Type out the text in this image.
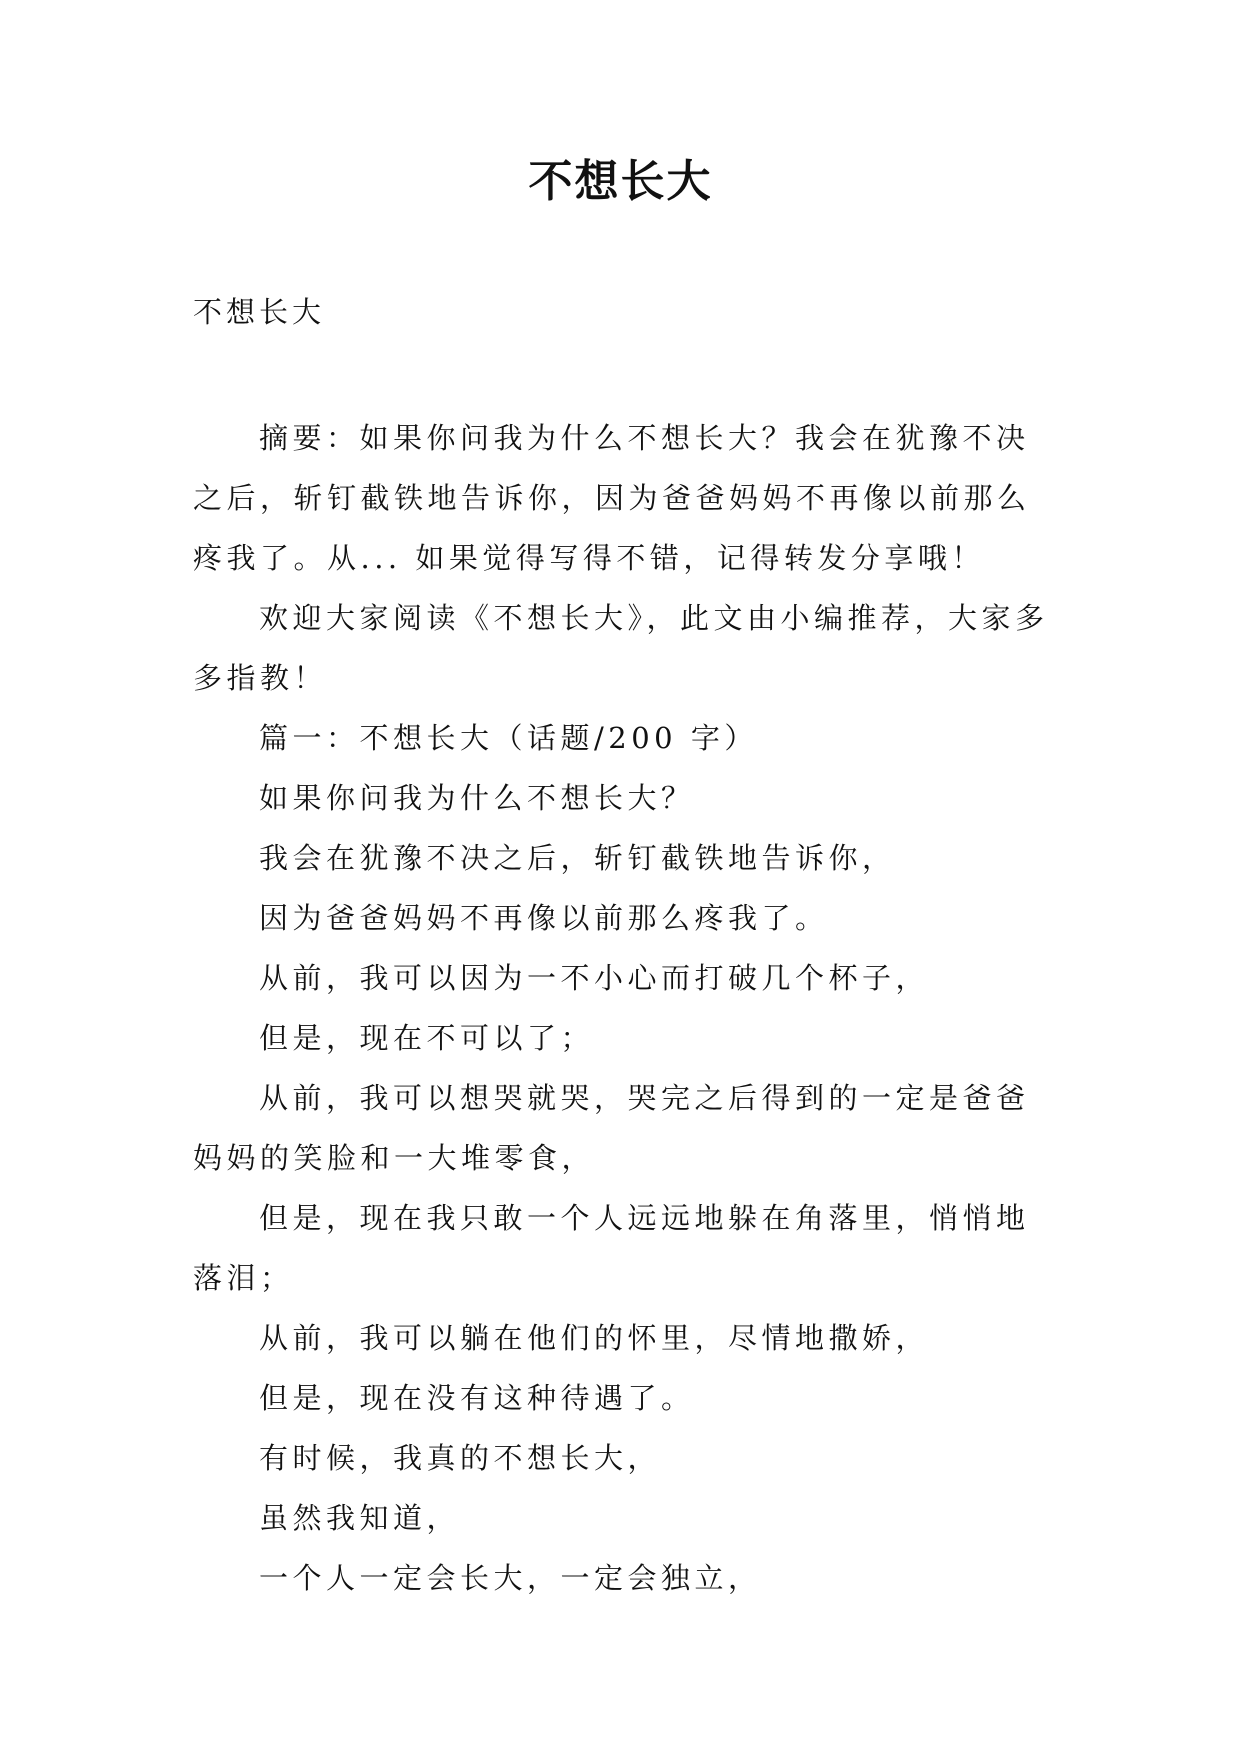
不想长大
不想长大

摘要：如果你问我为什么不想长大？我会在犹豫不决之后，斩钉截铁地告诉你，因为爸爸妈妈不再像以前那么疼我了。从... 如果觉得写得不错，记得转发分享哦！

欢迎大家阅读《不想长大》，此文由小编推荐，大家多多指教！

篇一：不想长大（话题/200 字）

如果你问我为什么不想长大？

我会在犹豫不决之后，斩钉截铁地告诉你，

因为爸爸妈妈不再像以前那么疼我了。

从前，我可以因为一不小心而打破几个杯子，

但是，现在不可以了；

从前，我可以想哭就哭，哭完之后得到的一定是爸爸妈妈的笑脸和一大堆零食，

但是，现在我只敢一个人远远地躲在角落里，悄悄地落泪；

从前，我可以躺在他们的怀里，尽情地撒娇，

但是，现在没有这种待遇了。

有时候，我真的不想长大，

虽然我知道，

一个人一定会长大，一定会独立，
